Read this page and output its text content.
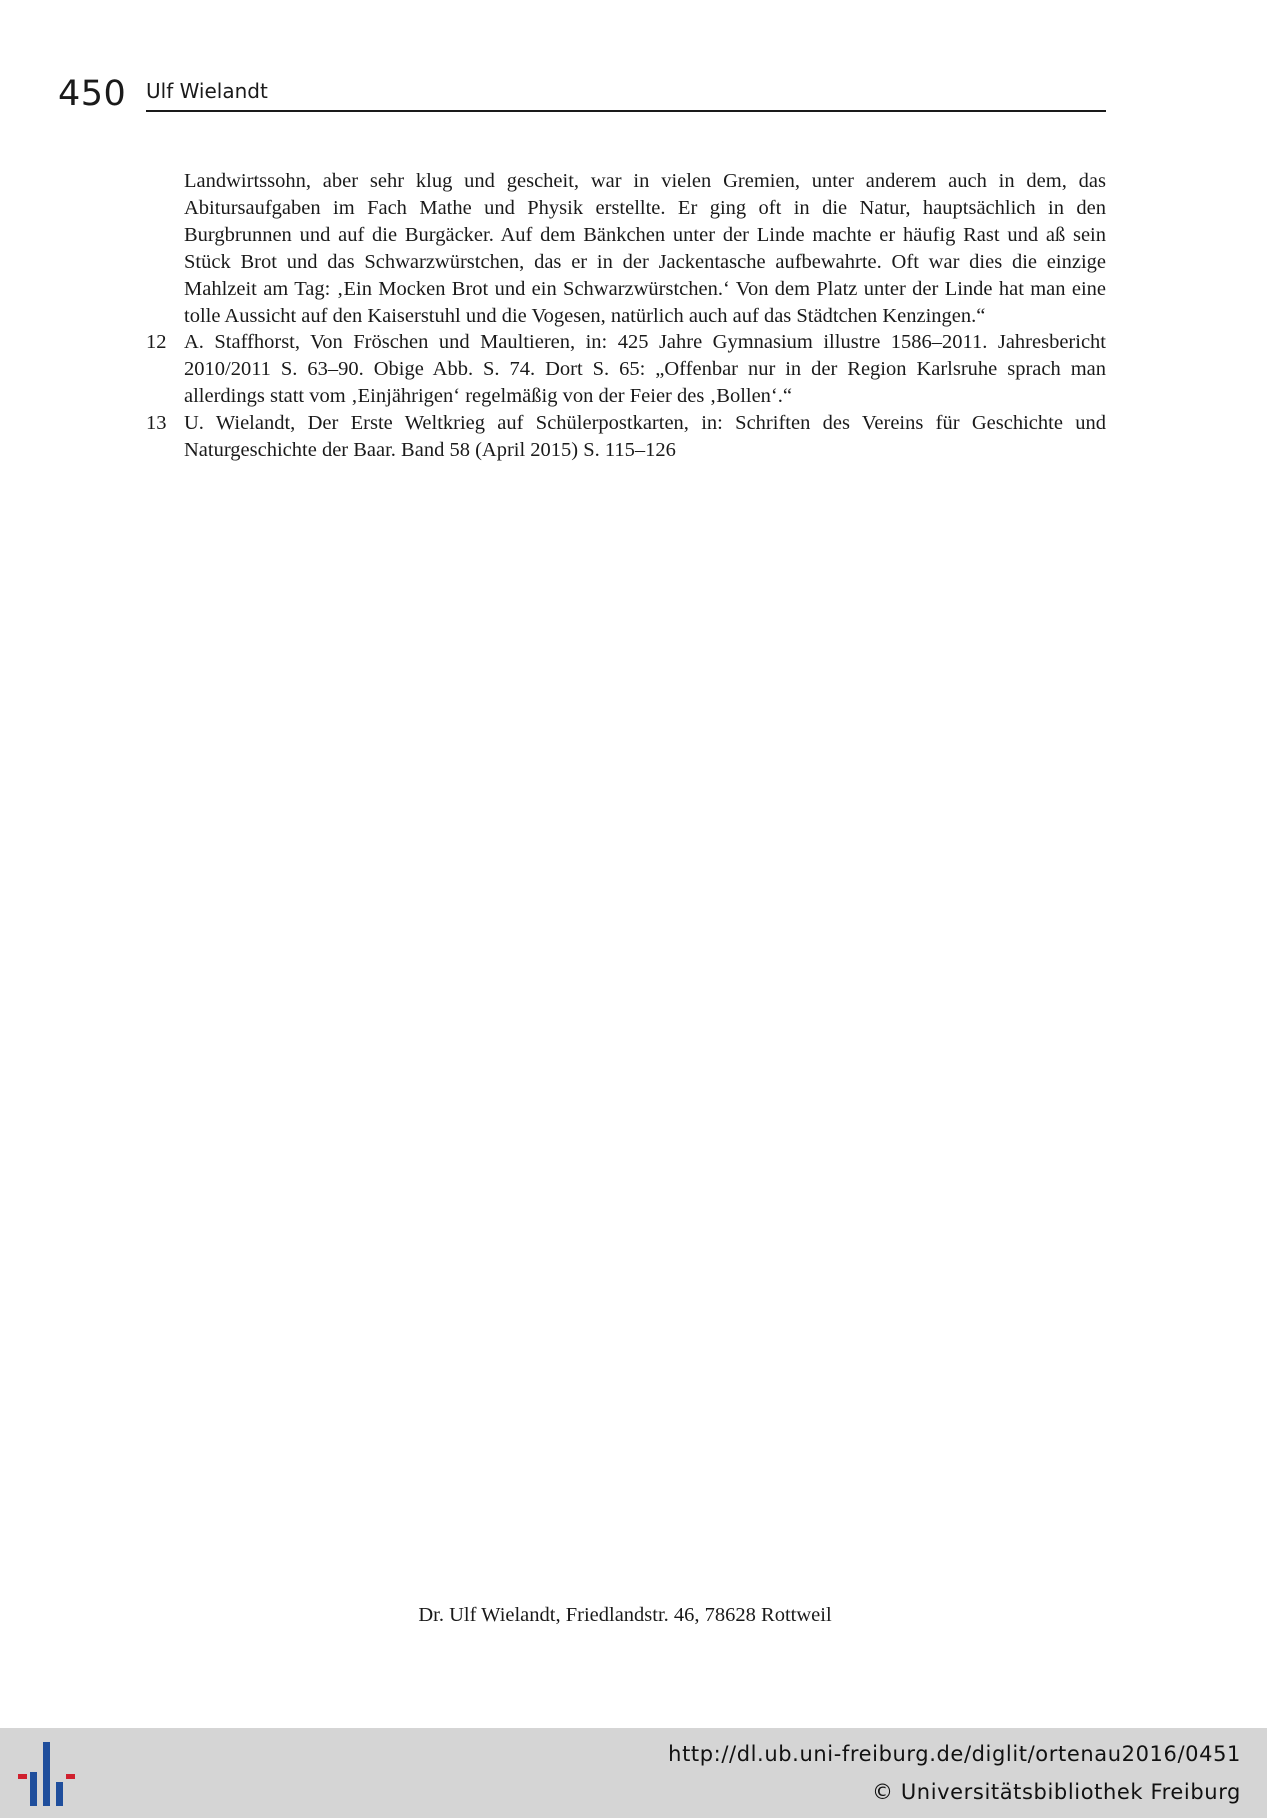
450 Ulf Wielandt

Landwirtssohn, aber sehr klug und gescheit, war in vielen Gremien, unter anderem auch in dem, das Abitursaufgaben im Fach Mathe und Physik erstellte. Er ging oft in die Natur, hauptsächlich in den Burgbrunnen und auf die Burgäcker. Auf dem Bänkchen unter der Linde machte er häufig Rast und aß sein Stück Brot und das Schwarzwürstchen, das er in der Jackentasche aufbewahrte. Oft war dies die einzige Mahlzeit am Tag: ‚Ein Mocken Brot und ein Schwarzwürstchen.‘ Von dem Platz unter der Linde hat man eine tolle Aussicht auf den Kaiserstuhl und die Vogesen, natürlich auch auf das Städtchen Kenzingen.“

12 A. Staffhorst, Von Fröschen und Maultieren, in: 425 Jahre Gymnasium illustre 1586–2011. Jahresbericht 2010/2011 S. 63–90. Obige Abb. S. 74. Dort S. 65: „Offenbar nur in der Region Karlsruhe sprach man allerdings statt vom ‚Einjährigen‘ regelmäßig von der Feier des ‚Bollen‘.“

13 U. Wielandt, Der Erste Weltkrieg auf Schülerpostkarten, in: Schriften des Vereins für Geschichte und Naturgeschichte der Baar. Band 58 (April 2015) S. 115–126

Dr. Ulf Wielandt, Friedlandstr. 46, 78628 Rottweil
http://dl.ub.uni-freiburg.de/diglit/ortenau2016/0451
© Universitätsbibliothek Freiburg
